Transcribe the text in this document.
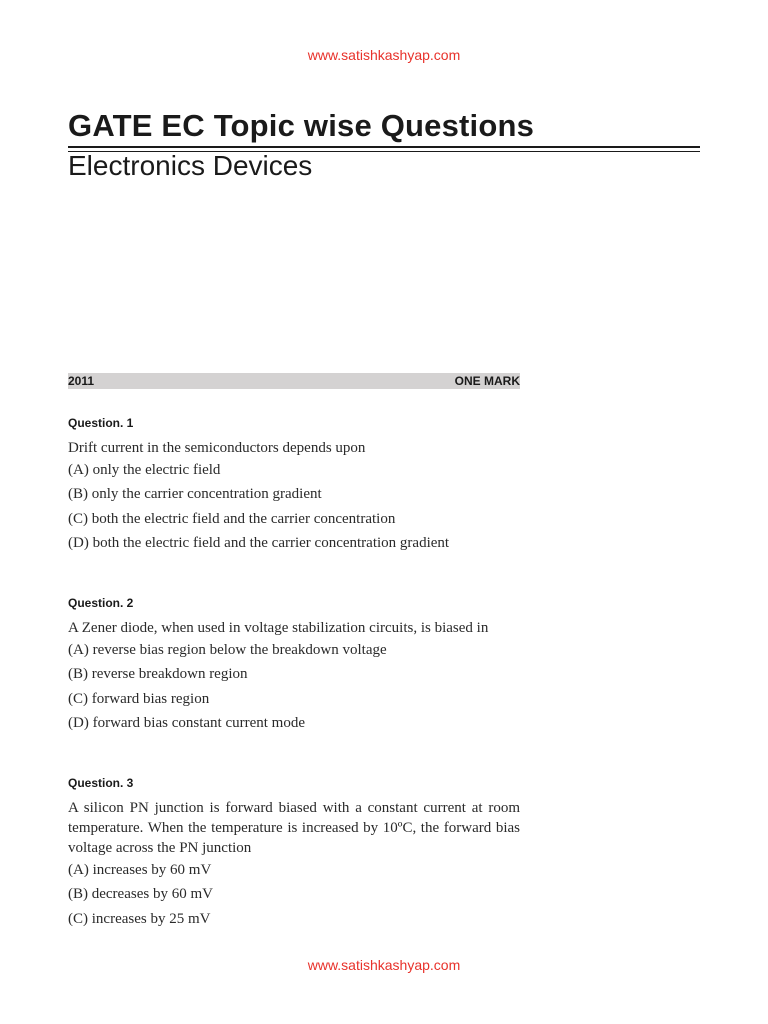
www.satishkashyap.com
GATE EC Topic wise Questions
Electronics Devices
2011	ONE MARK
Question. 1
Drift current in the semiconductors depends upon
(A) only the electric field
(B) only the carrier concentration gradient
(C) both the electric field and the carrier concentration
(D) both the electric field and the carrier concentration gradient
Question. 2
A Zener diode, when used in voltage stabilization circuits, is biased in
(A) reverse bias region below the breakdown voltage
(B) reverse breakdown region
(C) forward bias region
(D) forward bias constant current mode
Question. 3
A silicon PN junction is forward biased with a constant current at room temperature. When the temperature is increased by 10ºC, the forward bias voltage across the PN junction
(A) increases by 60 mV
(B) decreases by 60 mV
(C) increases by 25 mV
www.satishkashyap.com
